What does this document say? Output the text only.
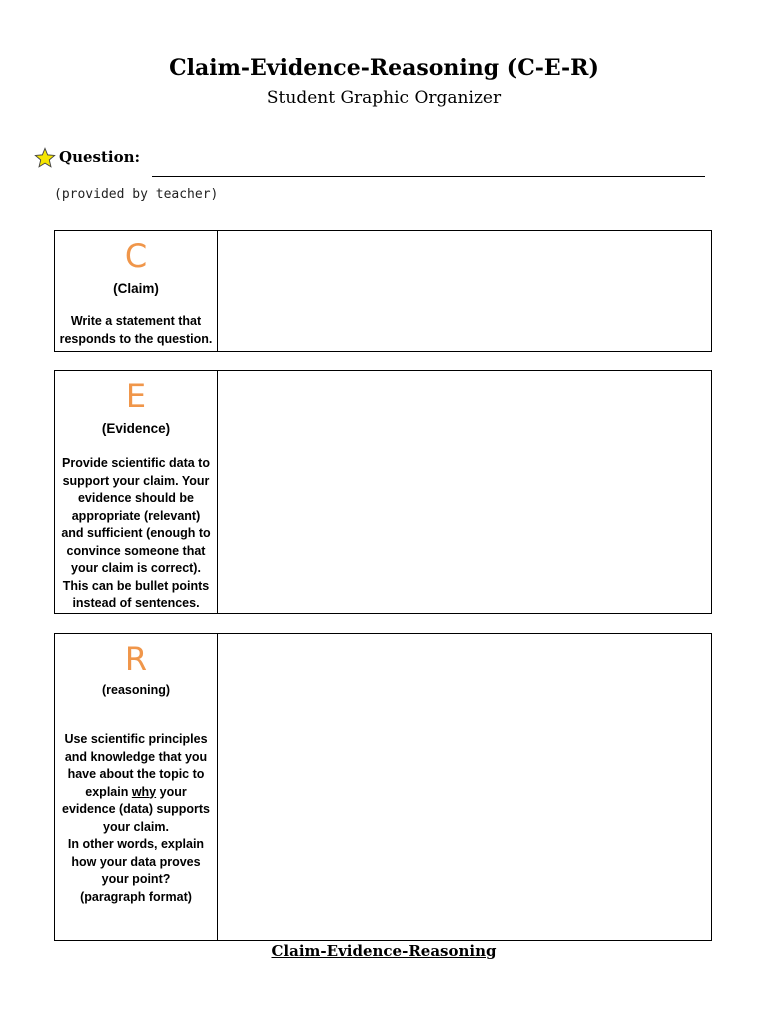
Claim-Evidence-Reasoning (C-E-R)
Student Graphic Organizer
Question:
(provided by teacher)
C
(Claim)
Write a statement that
responds to the question.
E
(Evidence)
Provide scientific data to
support your claim. Your
evidence should be
appropriate (relevant)
and sufficient (enough to
convince someone that
your claim is correct).
This can be bullet points
instead of sentences.
R
(reasoning)
Use scientific principles
and knowledge that you
have about the topic to
explain why your
evidence (data) supports
your claim.
In other words, explain
how your data proves
your point?
(paragraph format)
Claim-Evidence-Reasoning
